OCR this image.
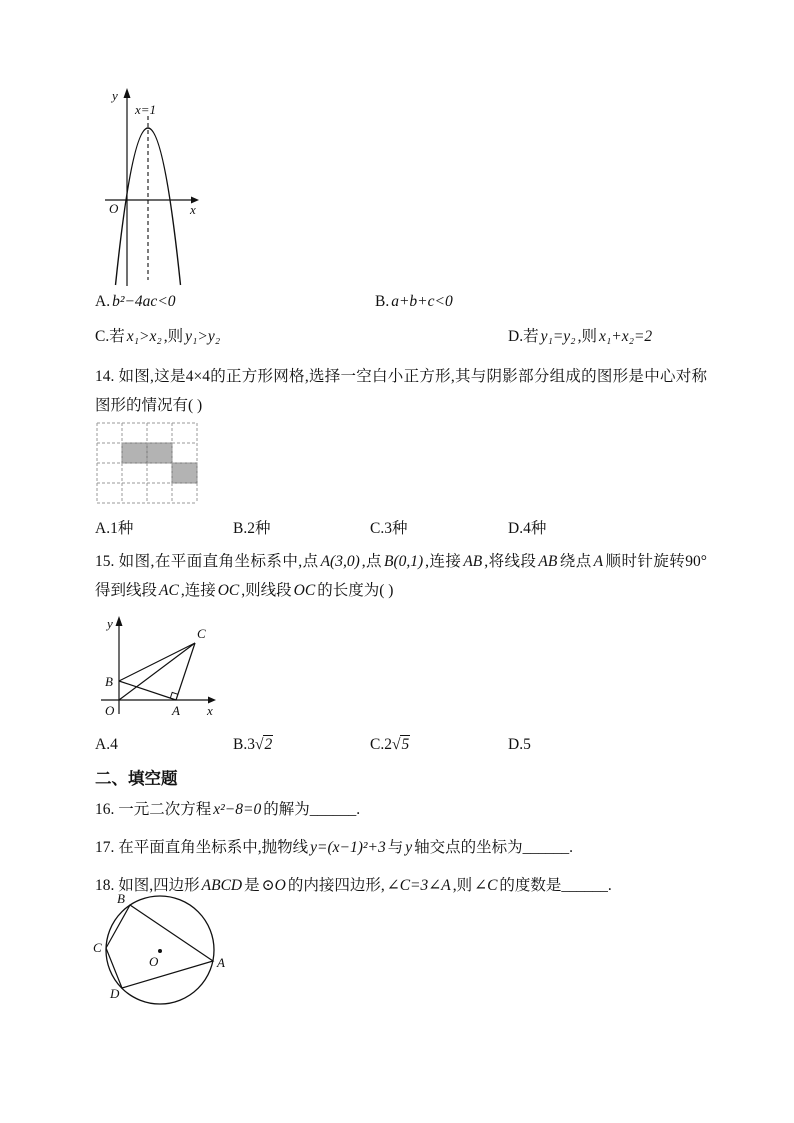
x=1
O	x
y
A. b²−4ac<0	B. a+b+c<0
C.若 x₁>x₂ ,则 y₁>y₂	D.若 y₁=y₂ ,则 x₁+x₂=2
14. 如图,这是4×4的正方形网格,选择一空白小正方形,其与阴影部分组成的图形是中心对称图形的情况有( )
A.1种	B.2种	C.3种	D.4种
15. 如图,在平面直角坐标系中,点 A(3,0) ,点 B(0,1) ,连接 AB ,将线段 AB 绕点 A 顺时针旋转90°得到线段 AC ,连接 OC ,则线段 OC 的长度为( )
O
B
A
C
x
y
A.4	B.3√2	C.2√5	D.5
二、填空题
16. 一元二次方程 x²−8=0 的解为______.
17. 在平面直角坐标系中,抛物线 y=(x−1)²+3 与 y 轴交点的坐标为______.
18. 如图,四边形 ABCD 是 ⊙O 的内接四边形, ∠C=3∠A ,则 ∠C 的度数是______.
O	A
B
C
D
